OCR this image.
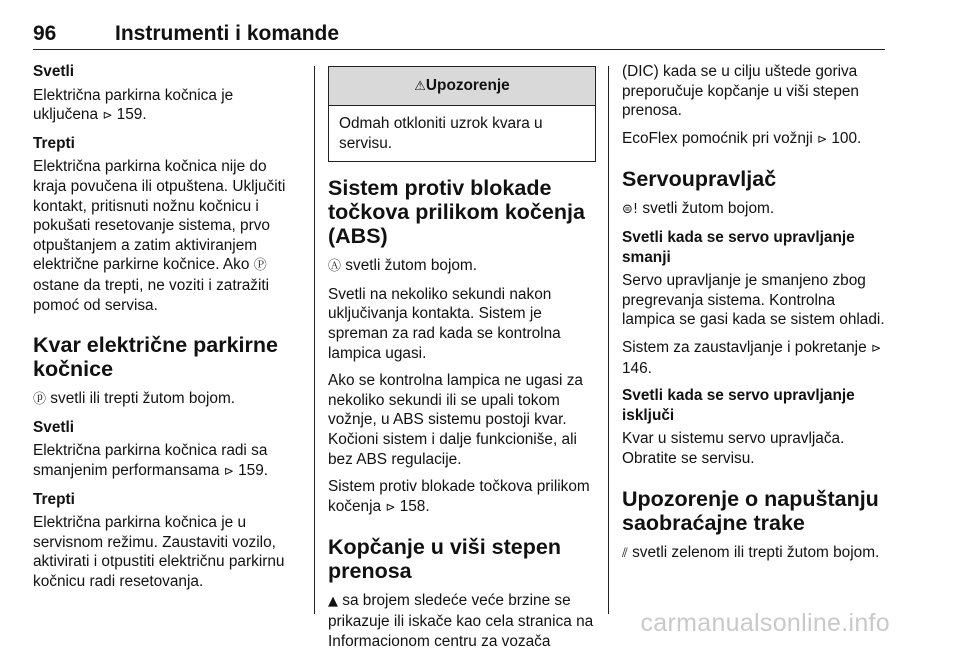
96	Instrumenti i komande
Svetli

Električna parkirna kočnica je uključena ⊳ 159.

Trepti

Električna parkirna kočnica nije do kraja povučena ili otpuštena. Uključiti kontakt, pritisnuti nožnu kočnicu i pokušati resetovanje sistema, prvo otpuštanjem a zatim aktiviranjem električne parkirne kočnice. Ako Ⓟ ostane da trepti, ne voziti i zatražiti pomoć od servisa.

Kvar električne parkirne kočnice

ⓟ svetli ili trepti žutom bojom.

Svetli

Električna parkirna kočnica radi sa smanjenim performansama ⊳ 159.

Trepti

Električna parkirna kočnica je u servisnom režimu. Zaustaviti vozilo, aktivirati i otpustiti električnu parkirnu kočnicu radi resetovanja.

⚠Upozorenje

Odmah otkloniti uzrok kvara u servisu.

Sistem protiv blokade točkova prilikom kočenja (ABS)

Ⓐ svetli žutom bojom.

Svetli na nekoliko sekundi nakon uključivanja kontakta. Sistem je spreman za rad kada se kontrolna lampica ugasi.

Ako se kontrolna lampica ne ugasi za nekoliko sekundi ili se upali tokom vožnje, u ABS sistemu postoji kvar. Kočioni sistem i dalje funkcioniše, ali bez ABS regulacije.

Sistem protiv blokade točkova prilikom kočenja ⊳ 158.

Kopčanje u viši stepen prenosa

▲ sa brojem sledeće veće brzine se prikazuje ili iskače kao cela stranica na Informacionom centru za vozača

(DIC) kada se u cilju uštede goriva preporučuje kopčanje u viši stepen prenosa.

EcoFlex pomoćnik pri vožnji ⊳ 100.

Servoupravljač

⊜! svetli žutom bojom.

Svetli kada se servo upravljanje smanji

Servo upravljanje je smanjeno zbog pregrevanja sistema. Kontrolna lampica se gasi kada se sistem ohladi.

Sistem za zaustavljanje i pokretanje ⊳ 146.

Svetli kada se servo upravljanje isključi

Kvar u sistemu servo upravljača. Obratite se servisu.

Upozorenje o napuštanju saobraćajne trake

⫽ svetli zelenom ili trepti žutom bojom.

carmanualsonline.info
